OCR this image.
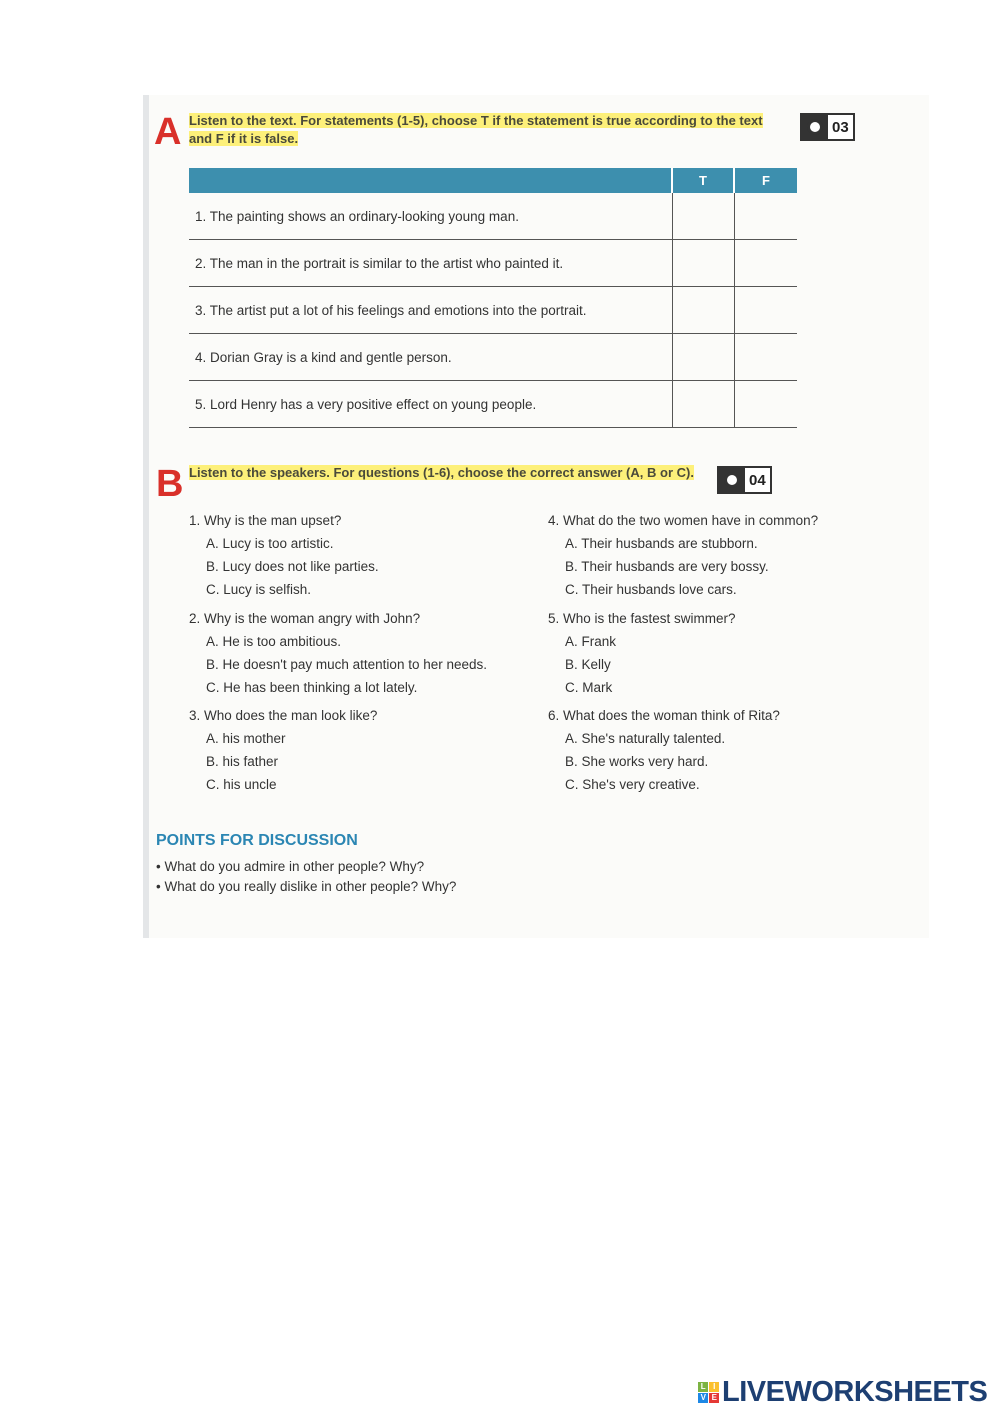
A Listen to the text. For statements (1-5), choose T if the statement is true according to the text and F if it is false.
03
	T	F
1. The painting shows an ordinary-looking young man.		
2. The man in the portrait is similar to the artist who painted it.		
3. The artist put a lot of his feelings and emotions into the portrait.		
4. Dorian Gray is a kind and gentle person.		
5. Lord Henry has a very positive effect on young people.		
B Listen to the speakers. For questions (1-6), choose the correct answer (A, B or C).	04
1. Why is the man upset?
A. Lucy is too artistic.
B. Lucy does not like parties.
C. Lucy is selfish.
2. Why is the woman angry with John?
A. He is too ambitious.
B. He doesn't pay much attention to her needs.
C. He has been thinking a lot lately.
3. Who does the man look like?
A. his mother
B. his father
C. his uncle
4. What do the two women have in common?
A. Their husbands are stubborn.
B. Their husbands are very bossy.
C. Their husbands love cars.
5. Who is the fastest swimmer?
A. Frank
B. Kelly
C. Mark
6. What does the woman think of Rita?
A. She's naturally talented.
B. She works very hard.
C. She's very creative.
POINTS FOR DISCUSSION
• What do you admire in other people? Why?
• What do you really dislike in other people? Why?
L I
V E LIVEWORKSHEETS
